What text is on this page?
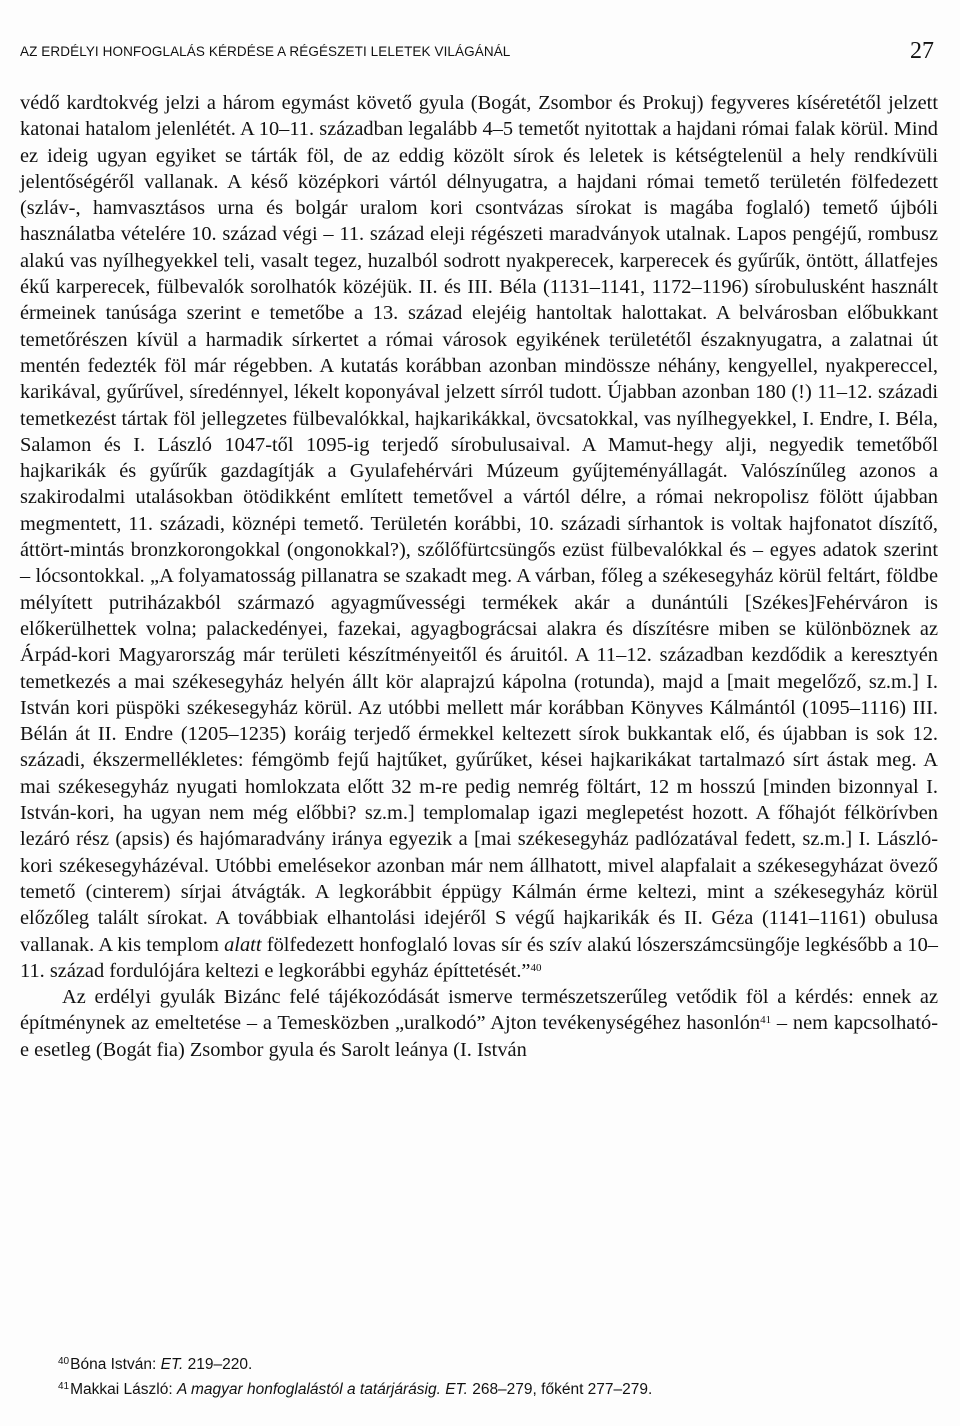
AZ ERDÉLYI HONFOGLALÁS KÉRDÉSE A RÉGÉSZETI LELETEK VILÁGÁNÁL	27

védő kardtokvég jelzi a három egymást követő gyula (Bogát, Zsombor és Prokuj) fegyveres kíséretétől jelzett katonai hatalom jelenlétét. A 10–11. században legalább 4–5 temetőt nyitottak a hajdani római falak körül. Mind ez ideig ugyan egyiket se tárták föl, de az eddig közölt sírok és leletek is kétségtelenül a hely rendkívüli jelentőségéről vallanak. A késő középkori vártól délnyugatra, a hajdani római temető területén fölfedezett (szláv-, hamvasztásos urna és bolgár uralom kori csontvázas sírokat is magába foglaló) temető újbóli használatba vételére 10. század végi – 11. század eleji régészeti maradványok utalnak. Lapos pengéjű, rombusz alakú vas nyílhegyekkel teli, vasalt tegez, huzalból sodrott nyakperecek, karperecek és gyűrűk, öntött, állatfejes ékű karperecek, fülbevalók sorolhatók közéjük. II. és III. Béla (1131–1141, 1172–1196) sírobulusként használt érmeinek tanúsága szerint e temetőbe a 13. század elejéig hantoltak halottakat. A belvárosban előbukkant temetőrészen kívül a harmadik sírkertet a római városok egyikének területétől északnyugatra, a zalatnai út mentén fedezték föl már régebben. A kutatás korábban azonban mindössze néhány, kengyellel, nyakpereccel, karikával, gyűrűvel, síredénnyel, lékelt koponyával jelzett sírról tudott. Újabban azonban 180 (!) 11–12. századi temetkezést tártak föl jellegzetes fülbevalókkal, hajkarikákkal, övcsatokkal, vas nyílhegyekkel, I. Endre, I. Béla, Salamon és I. László 1047-től 1095-ig terjedő sírobulusaival. A Mamut-hegy alji, negyedik temetőből hajkarikák és gyűrűk gazdagítják a Gyulafehérvári Múzeum gyűjteményállagát. Valószínűleg azonos a szakirodalmi utalásokban ötödikként említett temetővel a vártól délre, a római nekropolisz fölött újabban megmentett, 11. századi, köznépi temető. Területén korábbi, 10. századi sírhantok is voltak hajfonatot díszítő, áttört-mintás bronzkorongokkal (ongonokkal?), szőlőfürtcsüngős ezüst fülbevalókkal és – egyes adatok szerint – lócsontokkal. „A folyamatosság pillanatra se szakadt meg. A várban, főleg a székesegyház körül feltárt, földbe mélyített putriházakból származó agyagművességi termékek akár a dunántúli [Székes]Fehérváron is előkerülhettek volna; palackedényei, fazekai, agyagbográcsai alakra és díszítésre miben se különböznek az Árpád-kori Magyarország már területi készítményeitől és áruitól. A 11–12. században kezdődik a keresztyén temetkezés a mai székesegyház helyén állt kör alaprajzú kápolna (rotunda), majd a [mait megelőző, sz.m.] I. István kori püspöki székesegyház körül. Az utóbbi mellett már korábban Könyves Kálmántól (1095–1116) III. Bélán át II. Endre (1205–1235) koráig terjedő érmekkel keltezett sírok bukkantak elő, és újabban is sok 12. századi, ékszermellékletes: fémgömb fejű hajtűket, gyűrűket, kései hajkarikákat tartalmazó sírt ástak meg. A mai székesegyház nyugati homlokzata előtt 32 m-re pedig nemrég föltárt, 12 m hosszú [minden bizonnyal I. István-kori, ha ugyan nem még előbbi? sz.m.] templomalap igazi meglepetést hozott. A főhajót félkörívben lezáró rész (apsis) és hajómaradvány iránya egyezik a [mai székesegyház padlózatával fedett, sz.m.] I. László-kori székesegyházéval. Utóbbi emelésekor azonban már nem állhatott, mivel alapfalait a székesegyházat övező temető (cinterem) sírjai átvágták. A legkorábbit éppügy Kálmán érme keltezi, mint a székesegyház körül előzőleg talált sírokat. A továbbiak elhantolási idejéről S végű hajkarikák és II. Géza (1141–1161) obulusa vallanak. A kis templom alatt fölfedezett honfoglaló lovas sír és szív alakú lószerszámcsüngője legkésőbb a 10–11. század fordulójára keltezi e legkorábbi egyház építtetését.”$^{40}$

Az erdélyi gyulák Bizánc felé tájékozódását ismerve természetszerűleg vetődik föl a kérdés: ennek az építménynek az emeltetése – a Temesközben „uralkodó” Ajton tevékenységéhez hasonlón$^{41}$ – nem kapcsolható-e esetleg (Bogát fia) Zsombor gyula és Sarolt leánya (I. István

$^{40}$Bóna István: ET. 219–220.

$^{41}$Makkai László: A magyar honfoglalástól a tatárjárásig. ET. 268–279, főként 277–279.
